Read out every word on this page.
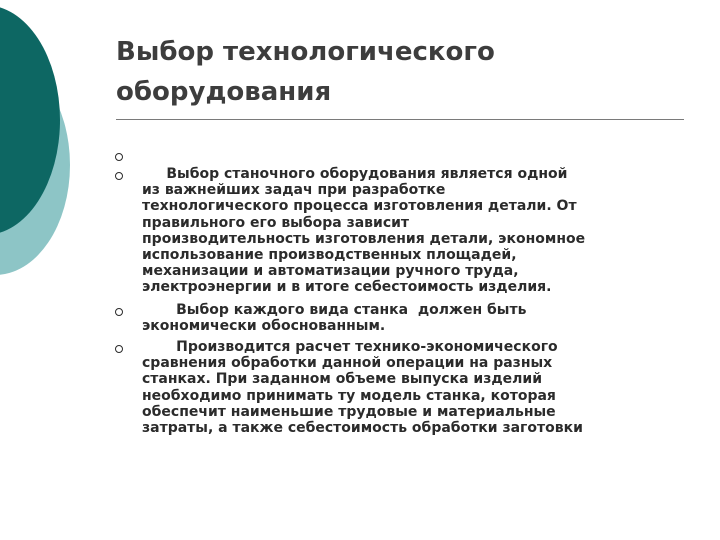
Выбор технологического
оборудования

Выбор станочного оборудования является одной

из важнейших задач при разработке

технологического процесса изготовления детали. От

правильного его выбора зависит

производительность изготовления детали, экономное

использование производственных площадей,

механизации и автоматизации ручного труда,

электроэнергии и в итоге себестоимость изделия.

Выбор каждого вида станка  должен быть

экономически обоснованным.

Производится расчет технико-экономического

сравнения обработки данной операции на разных

станках. При заданном объеме выпуска изделий

необходимо принимать ту модель станка, которая

обеспечит наименьшие трудовые и материальные

затраты, а также себестоимость обработки заготовки
